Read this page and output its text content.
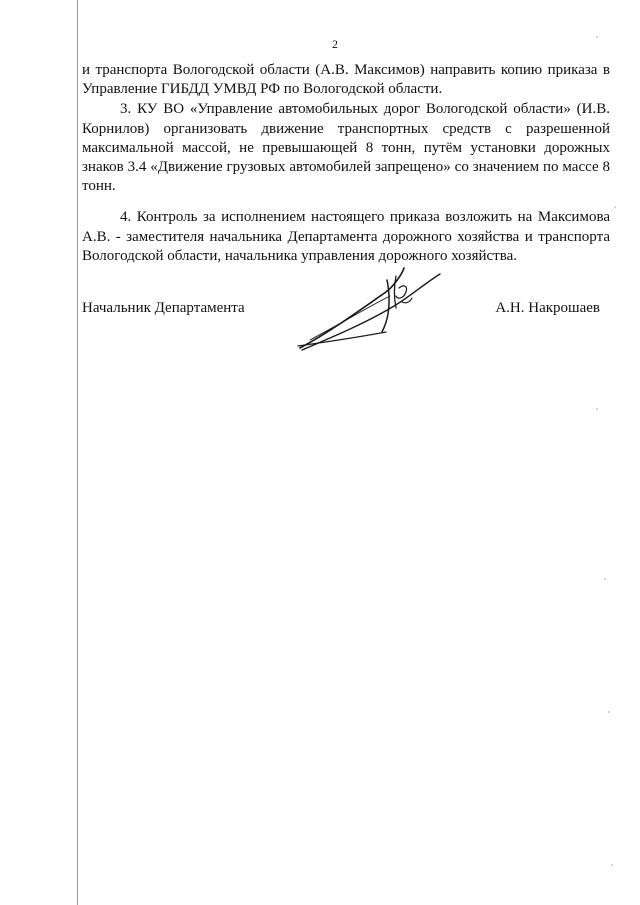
2

и транспорта Вологодской области (А.В. Максимов) направить копию приказа в Управление ГИБДД УМВД РФ по Вологодской области.

3. КУ ВО «Управление автомобильных дорог Вологодской области» (И.В. Корнилов) организовать движение транспортных средств с разрешенной максимальной массой, не превышающей 8 тонн, путём установки дорожных знаков 3.4 «Движение грузовых автомобилей запрещено» со значением по массе 8 тонн.

4. Контроль за исполнением настоящего приказа возложить на Максимова А.В. - заместителя начальника Департамента дорожного хозяйства и транспорта Вологодской области, начальника управления дорожного хозяйства.

Начальник Департамента	А.Н. Накрошаев
